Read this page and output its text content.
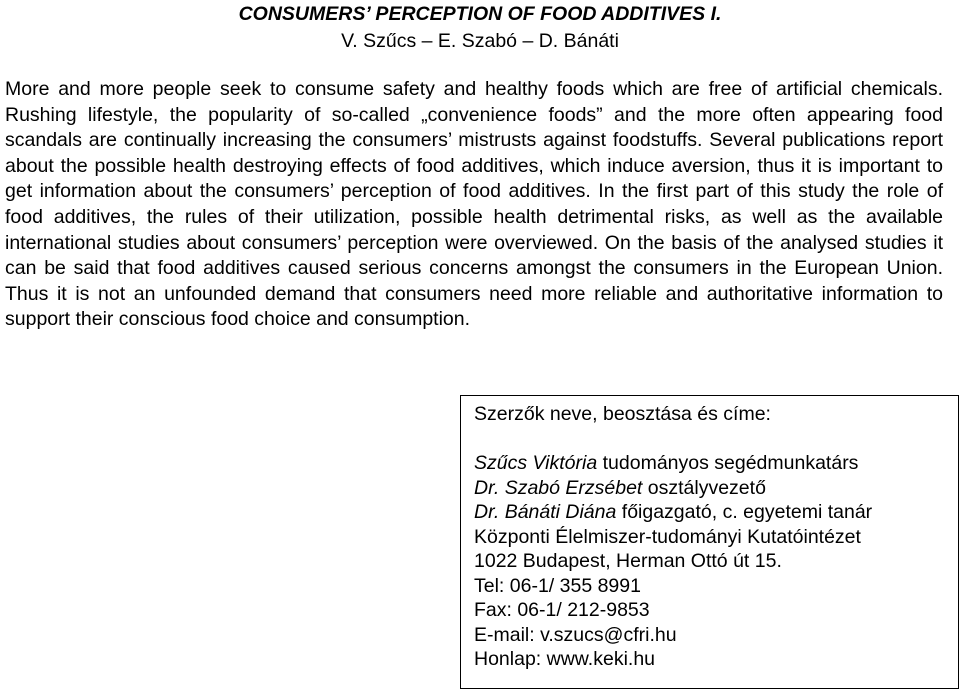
CONSUMERS’ PERCEPTION OF FOOD ADDITIVES I.
V. Szűcs – E. Szabó – D. Bánáti

More and more people seek to consume safety and healthy foods which are free of artificial chemicals. Rushing lifestyle, the popularity of so-called „convenience foods” and the more often appearing food scandals are continually increasing the consumers’ mistrusts against foodstuffs. Several publications report about the possible health destroying effects of food additives, which induce aversion, thus it is important to get information about the consumers’ perception of food additives. In the first part of this study the role of food additives, the rules of their utilization, possible health detrimental risks, as well as the available international studies about consumers’ perception were overviewed. On the basis of the analysed studies it can be said that food additives caused serious concerns amongst the consumers in the European Union. Thus it is not an unfounded demand that consumers need more reliable and authoritative information to support their conscious food choice and consumption.

Szerzők neve, beosztása és címe:
Szűcs Viktória tudományos segédmunkatárs
Dr. Szabó Erzsébet osztályvezető
Dr. Bánáti Diána főigazgató, c. egyetemi tanár
Központi Élelmiszer-tudományi Kutatóintézet
1022 Budapest, Herman Ottó út 15.
Tel: 06-1/ 355 8991
Fax: 06-1/ 212-9853
E-mail: v.szucs@cfri.hu
Honlap: www.keki.hu
